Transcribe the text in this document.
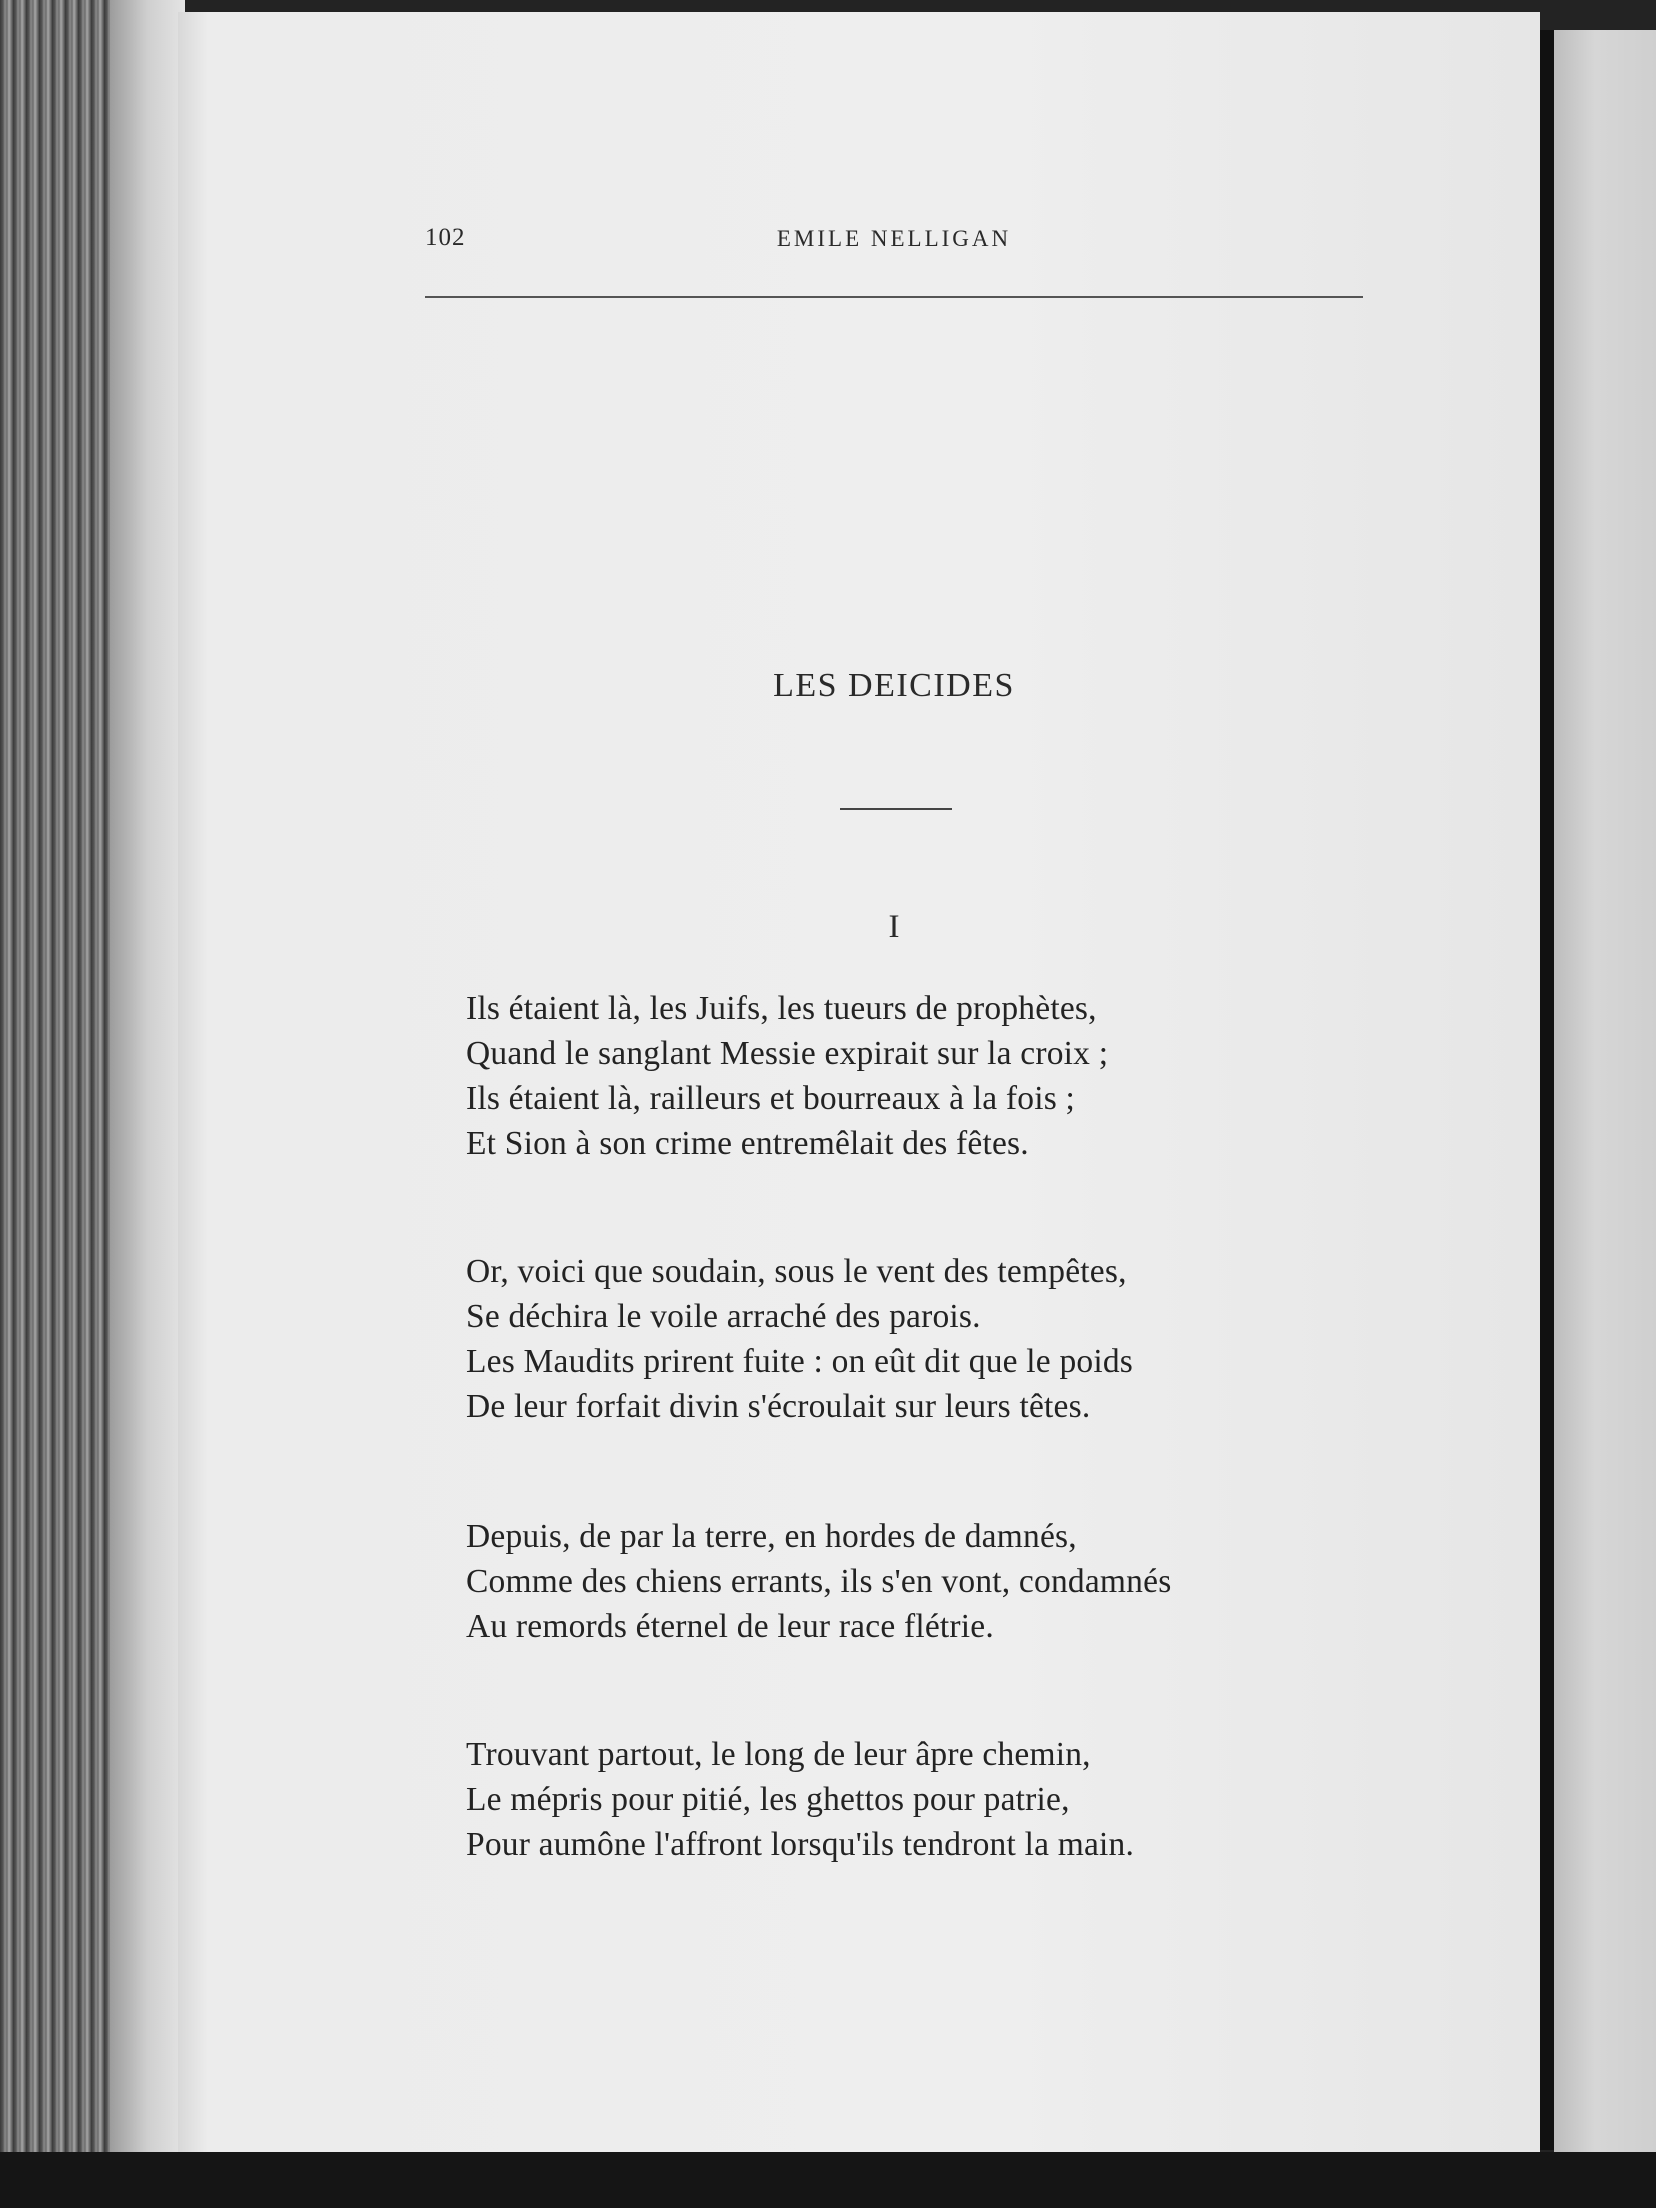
102	EMILE NELLIGAN
LES DEICIDES
I
Ils étaient là, les Juifs, les tueurs de prophètes,
Quand le sanglant Messie expirait sur la croix ;
Ils étaient là, railleurs et bourreaux à la fois ;
Et Sion à son crime entremêlait des fêtes.
Or, voici que soudain, sous le vent des tempêtes,
Se déchira le voile arraché des parois.
Les Maudits prirent fuite : on eût dit que le poids
De leur forfait divin s'écroulait sur leurs têtes.
Depuis, de par la terre, en hordes de damnés,
Comme des chiens errants, ils s'en vont, condamnés
Au remords éternel de leur race flétrie.
Trouvant partout, le long de leur âpre chemin,
Le mépris pour pitié, les ghettos pour patrie,
Pour aumône l'affront lorsqu'ils tendront la main.
